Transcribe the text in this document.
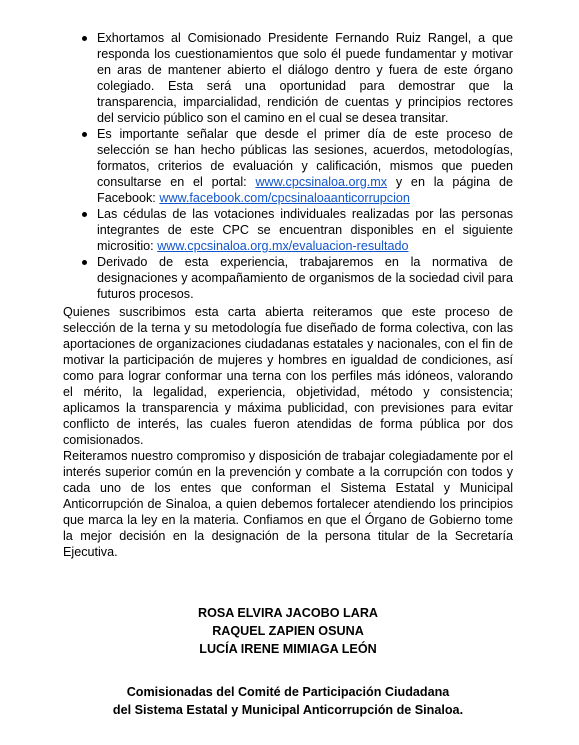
Exhortamos al Comisionado Presidente Fernando Ruiz Rangel, a que responda los cuestionamientos que solo él puede fundamentar y motivar en aras de mantener abierto el diálogo dentro y fuera de este órgano colegiado. Esta será una oportunidad para demostrar que la transparencia, imparcialidad, rendición de cuentas y principios rectores del servicio público son el camino en el cual se desea transitar.
Es importante señalar que desde el primer día de este proceso de selección se han hecho públicas las sesiones, acuerdos, metodologías, formatos, criterios de evaluación y calificación, mismos que pueden consultarse en el portal: www.cpcsinaloa.org.mx y en la página de Facebook: www.facebook.com/cpcsinaloaanticorrupcion
Las cédulas de las votaciones individuales realizadas por las personas integrantes de este CPC se encuentran disponibles en el siguiente micrositio: www.cpcsinaloa.org.mx/evaluacion-resultado
Derivado de esta experiencia, trabajaremos en la normativa de designaciones y acompañamiento de organismos de la sociedad civil para futuros procesos.

Quienes suscribimos esta carta abierta reiteramos que este proceso de selección de la terna y su metodología fue diseñado de forma colectiva, con las aportaciones de organizaciones ciudadanas estatales y nacionales, con el fin de motivar la participación de mujeres y hombres en igualdad de condiciones, así como para lograr conformar una terna con los perfiles más idóneos, valorando el mérito, la legalidad, experiencia, objetividad, método y consistencia; aplicamos la transparencia y máxima publicidad, con previsiones para evitar conflicto de interés, las cuales fueron atendidas de forma pública por dos comisionados.

Reiteramos nuestro compromiso y disposición de trabajar colegiadamente por el interés superior común en la prevención y combate a la corrupción con todos y cada uno de los entes que conforman el Sistema Estatal y Municipal Anticorrupción de Sinaloa, a quien debemos fortalecer atendiendo los principios que marca la ley en la materia. Confiamos en que el Órgano de Gobierno tome la mejor decisión en la designación de la persona titular de la Secretaría Ejecutiva.

ROSA ELVIRA JACOBO LARA
RAQUEL ZAPIEN OSUNA
LUCÍA IRENE MIMIAGA LEÓN
Comisionadas del Comité de Participación Ciudadana
del Sistema Estatal y Municipal Anticorrupción de Sinaloa.
